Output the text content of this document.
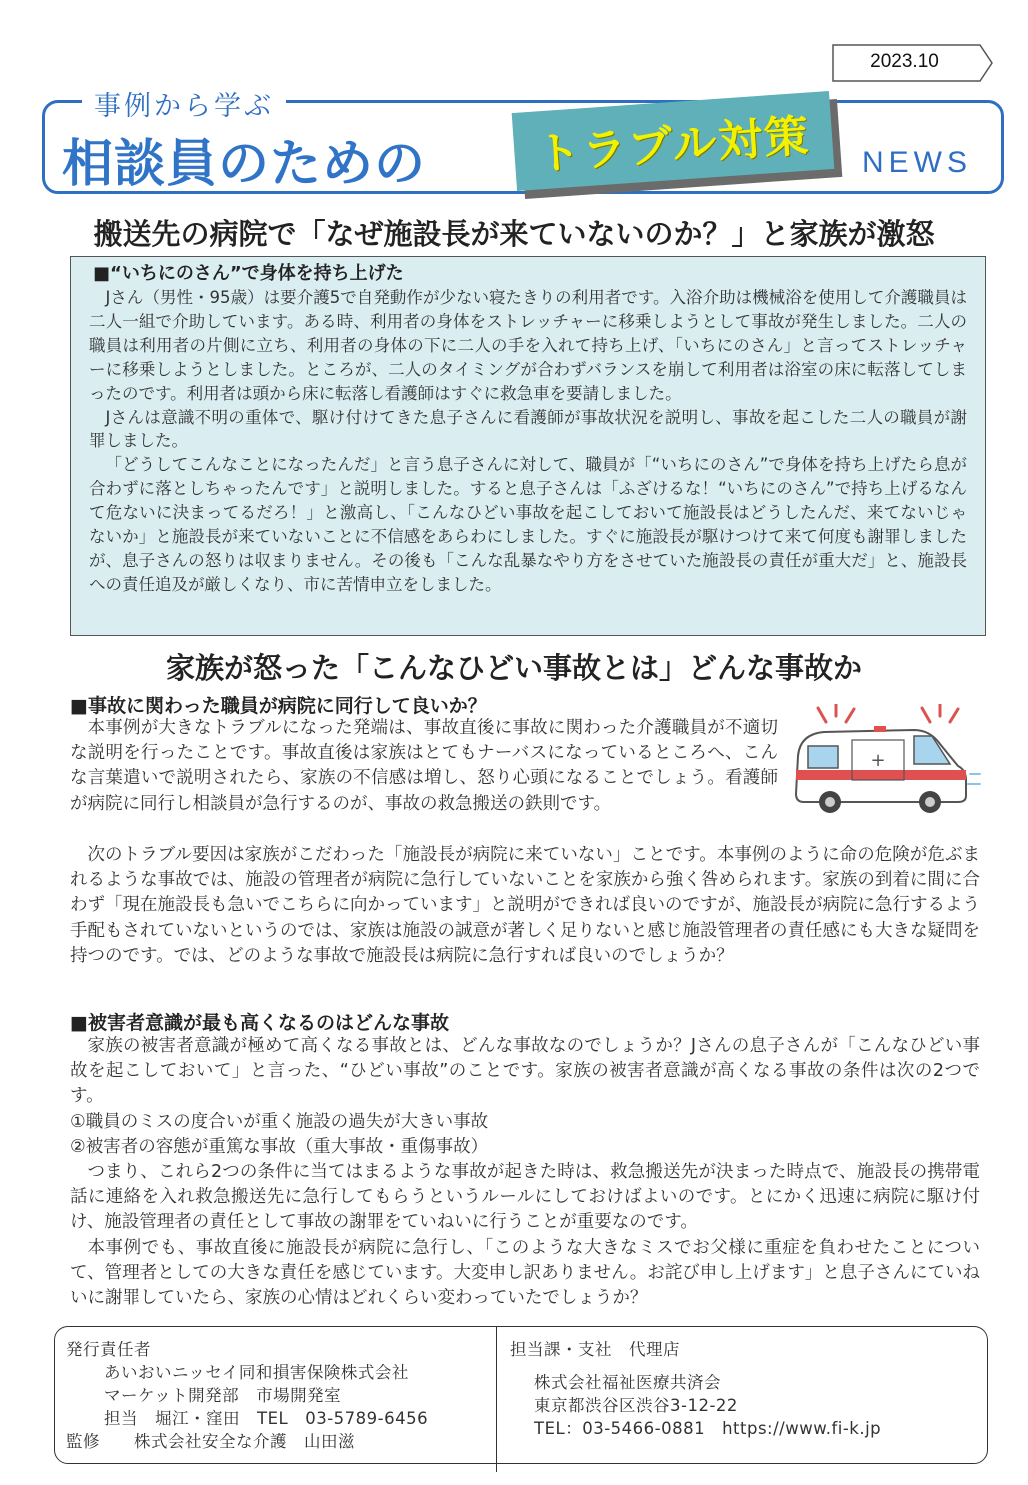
2023.10
事例から学ぶ
相談員のための トラブル対策 NEWS
搬送先の病院で「なぜ施設長が来ていないのか？」と家族が激怒
■“いちにのさん”で身体を持ち上げた

Jさん（男性・95歳）は要介護5で自発動作が少ない寝たきりの利用者です。入浴介助は機械浴を使用して介護職員は二人一組で介助しています。ある時、利用者の身体をストレッチャーに移乗しようとして事故が発生しました。二人の職員は利用者の片側に立ち、利用者の身体の下に二人の手を入れて持ち上げ、「いちにのさん」と言ってストレッチャーに移乗しようとしました。ところが、二人のタイミングが合わずバランスを崩して利用者は浴室の床に転落してしまったのです。利用者は頭から床に転落し看護師はすぐに救急車を要請しました。

Jさんは意識不明の重体で、駆け付けてきた息子さんに看護師が事故状況を説明し、事故を起こした二人の職員が謝罪しました。

「どうしてこんなことになったんだ」と言う息子さんに対して、職員が「“いちにのさん”で身体を持ち上げたら息が合わずに落としちゃったんです」と説明しました。すると息子さんは「ふざけるな！“いちにのさん”で持ち上げるなんて危ないに決まってるだろ！」と激高し、「こんなひどい事故を起こしておいて施設長はどうしたんだ、来てないじゃないか」と施設長が来ていないことに不信感をあらわにしました。すぐに施設長が駆けつけて来て何度も謝罪しましたが、息子さんの怒りは収まりません。その後も「こんな乱暴なやり方をさせていた施設長の責任が重大だ」と、施設長への責任追及が厳しくなり、市に苦情申立をしました。

家族が怒った「こんなひどい事故とは」どんな事故か
■事故に関わった職員が病院に同行して良いか？

本事例が大きなトラブルになった発端は、事故直後に事故に関わった介護職員が不適切な説明を行ったことです。事故直後は家族はとてもナーバスになっているところへ、こんな言葉遣いで説明されたら、家族の不信感は増し、怒り心頭になることでしょう。看護師が病院に同行し相談員が急行するのが、事故の救急搬送の鉄則です。

+

次のトラブル要因は家族がこだわった「施設長が病院に来ていない」ことです。本事例のように命の危険が危ぶまれるような事故では、施設の管理者が病院に急行していないことを家族から強く咎められます。家族の到着に間に合わず「現在施設長も急いでこちらに向かっています」と説明ができれば良いのですが、施設長が病院に急行するよう手配もされていないというのでは、家族は施設の誠意が著しく足りないと感じ施設管理者の責任感にも大きな疑問を持つのです。では、どのような事故で施設長は病院に急行すれば良いのでしょうか？

■被害者意識が最も高くなるのはどんな事故

家族の被害者意識が極めて高くなる事故とは、どんな事故なのでしょうか？Jさんの息子さんが「こんなひどい事故を起こしておいて」と言った、“ひどい事故”のことです。家族の被害者意識が高くなる事故の条件は次の2つです。

①職員のミスの度合いが重く施設の過失が大きい事故

②被害者の容態が重篤な事故（重大事故・重傷事故）

つまり、これら2つの条件に当てはまるような事故が起きた時は、救急搬送先が決まった時点で、施設長の携帯電話に連絡を入れ救急搬送先に急行してもらうというルールにしておけばよいのです。とにかく迅速に病院に駆け付け、施設管理者の責任として事故の謝罪をていねいに行うことが重要なのです。

本事例でも、事故直後に施設長が病院に急行し、「このような大きなミスでお父様に重症を負わせたことについて、管理者としての大きな責任を感じています。大変申し訳ありません。お詫び申し上げます」と息子さんにていねいに謝罪していたら、家族の心情はどれくらい変わっていたでしょうか？

発行責任者
あいおいニッセイ同和損害保険株式会社
マーケット開発部　市場開発室
担当　堀江・窪田　TEL　03-5789-6456
監修　　株式会社安全な介護　山田滋
担当課・支社　代理店
株式会社福祉医療共済会
東京都渋谷区渋谷3-12-22
TEL：03-5466-0881　https://www.fi-k.jp
